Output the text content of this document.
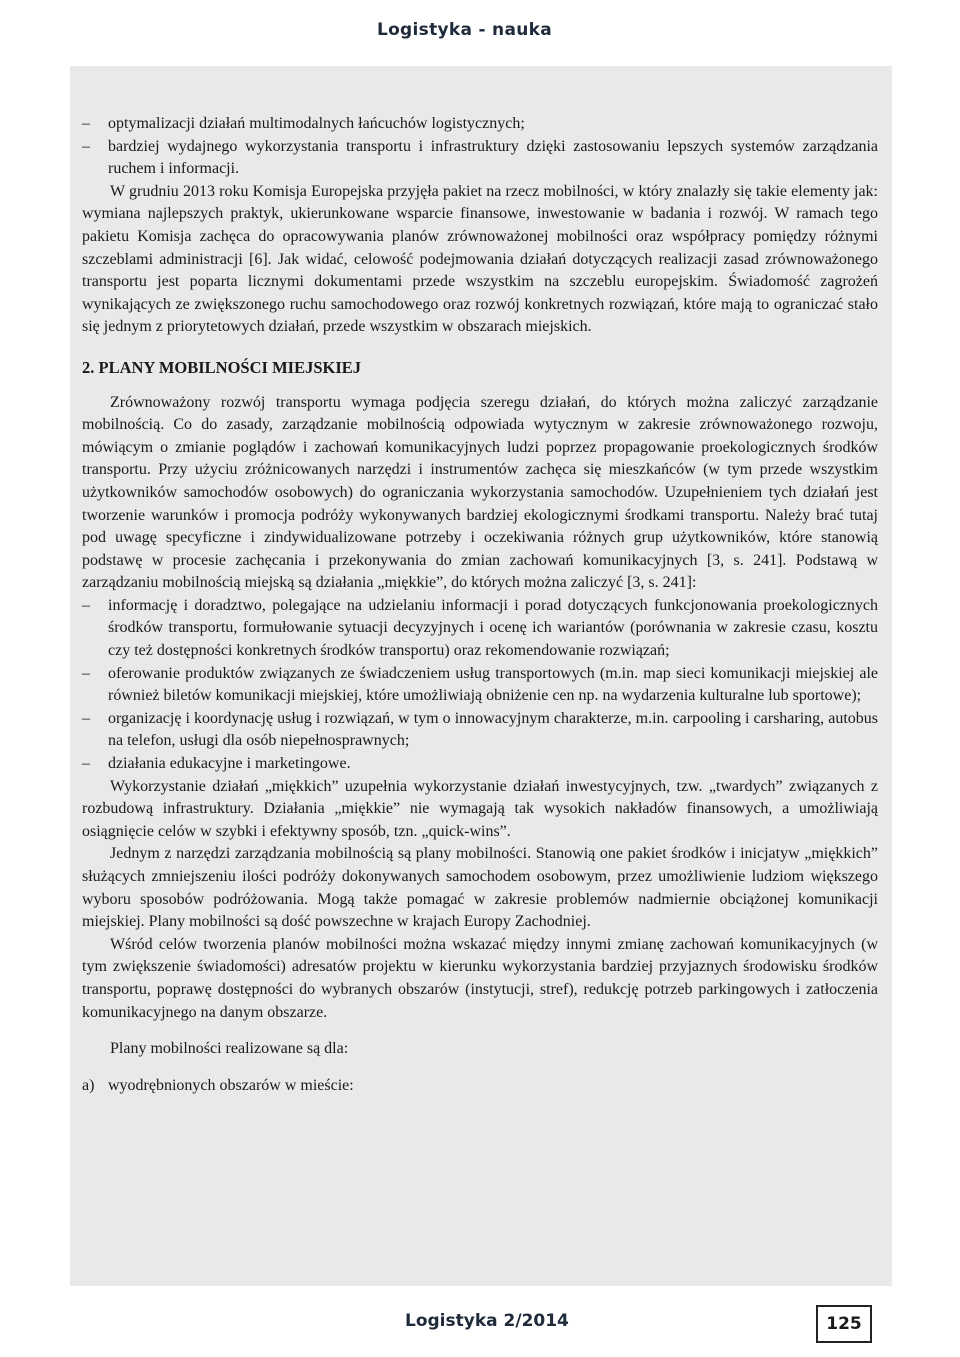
Logistyka - nauka

– optymalizacji działań multimodalnych łańcuchów logistycznych;

– bardziej wydajnego wykorzystania transportu i infrastruktury dzięki zastosowaniu lepszych systemów zarządzania ruchem i informacji.

W grudniu 2013 roku Komisja Europejska przyjęła pakiet na rzecz mobilności, w który znalazły się takie elementy jak: wymiana najlepszych praktyk, ukierunkowane wsparcie finansowe, inwestowanie w badania i rozwój. W ramach tego pakietu Komisja zachęca do opracowywania planów zrównoważonej mobilności oraz współpracy pomiędzy różnymi szczeblami administracji [6]. Jak widać, celowość podejmowania działań dotyczących realizacji zasad zrównoważonego transportu jest poparta licznymi dokumentami przede wszystkim na szczeblu europejskim. Świadomość zagrożeń wynikających ze zwiększonego ruchu samochodowego oraz rozwój konkretnych rozwiązań, które mają to ograniczać stało się jednym z priorytetowych działań, przede wszystkim w obszarach miejskich.

2. PLANY MOBILNOŚCI MIEJSKIEJ

Zrównoważony rozwój transportu wymaga podjęcia szeregu działań, do których można zaliczyć zarządzanie mobilnością. Co do zasady, zarządzanie mobilnością odpowiada wytycznym w zakresie zrównoważonego rozwoju, mówiącym o zmianie poglądów i zachowań komunikacyjnych ludzi poprzez propagowanie proekologicznych środków transportu. Przy użyciu zróżnicowanych narzędzi i instrumentów zachęca się mieszkańców (w tym przede wszystkim użytkowników samochodów osobowych) do ograniczania wykorzystania samochodów. Uzupełnieniem tych działań jest tworzenie warunków i promocja podróży wykonywanych bardziej ekologicznymi środkami transportu. Należy brać tutaj pod uwagę specyficzne i zindywidualizowane potrzeby i oczekiwania różnych grup użytkowników, które stanowią podstawę w procesie zachęcania i przekonywania do zmian zachowań komunikacyjnych [3, s. 241]. Podstawą w zarządzaniu mobilnością miejską są działania „miękkie”, do których można zaliczyć [3, s. 241]:

– informację i doradztwo, polegające na udzielaniu informacji i porad dotyczących funkcjonowania proekologicznych środków transportu, formułowanie sytuacji decyzyjnych i ocenę ich wariantów (porównania w zakresie czasu, kosztu czy też dostępności konkretnych środków transportu) oraz rekomendowanie rozwiązań;

– oferowanie produktów związanych ze świadczeniem usług transportowych (m.in. map sieci komunikacji miejskiej ale również biletów komunikacji miejskiej, które umożliwiają obniżenie cen np. na wydarzenia kulturalne lub sportowe);

– organizację i koordynację usług i rozwiązań, w tym o innowacyjnym charakterze, m.in. carpooling i carsharing, autobus na telefon, usługi dla osób niepełnosprawnych;

– działania edukacyjne i marketingowe.

Wykorzystanie działań „miękkich” uzupełnia wykorzystanie działań inwestycyjnych, tzw. „twardych” związanych z rozbudową infrastruktury. Działania „miękkie” nie wymagają tak wysokich nakładów finansowych, a umożliwiają osiągnięcie celów w szybki i efektywny sposób, tzn. „quick-wins”.

Jednym z narzędzi zarządzania mobilnością są plany mobilności. Stanowią one pakiet środków i inicjatyw „miękkich” służących zmniejszeniu ilości podróży dokonywanych samochodem osobowym, przez umożliwienie ludziom większego wyboru sposobów podróżowania. Mogą także pomagać w zakresie problemów nadmiernie obciążonej komunikacji miejskiej. Plany mobilności są dość powszechne w krajach Europy Zachodniej.

Wśród celów tworzenia planów mobilności można wskazać między innymi zmianę zachowań komunikacyjnych (w tym zwiększenie świadomości) adresatów projektu w kierunku wykorzystania bardziej przyjaznych środowisku środków transportu, poprawę dostępności do wybranych obszarów (instytucji, stref), redukcję potrzeb parkingowych i zatłoczenia komunikacyjnego na danym obszarze.

Plany mobilności realizowane są dla:

a) wyodrębnionych obszarów w mieście:

Logistyka 2/2014	125
